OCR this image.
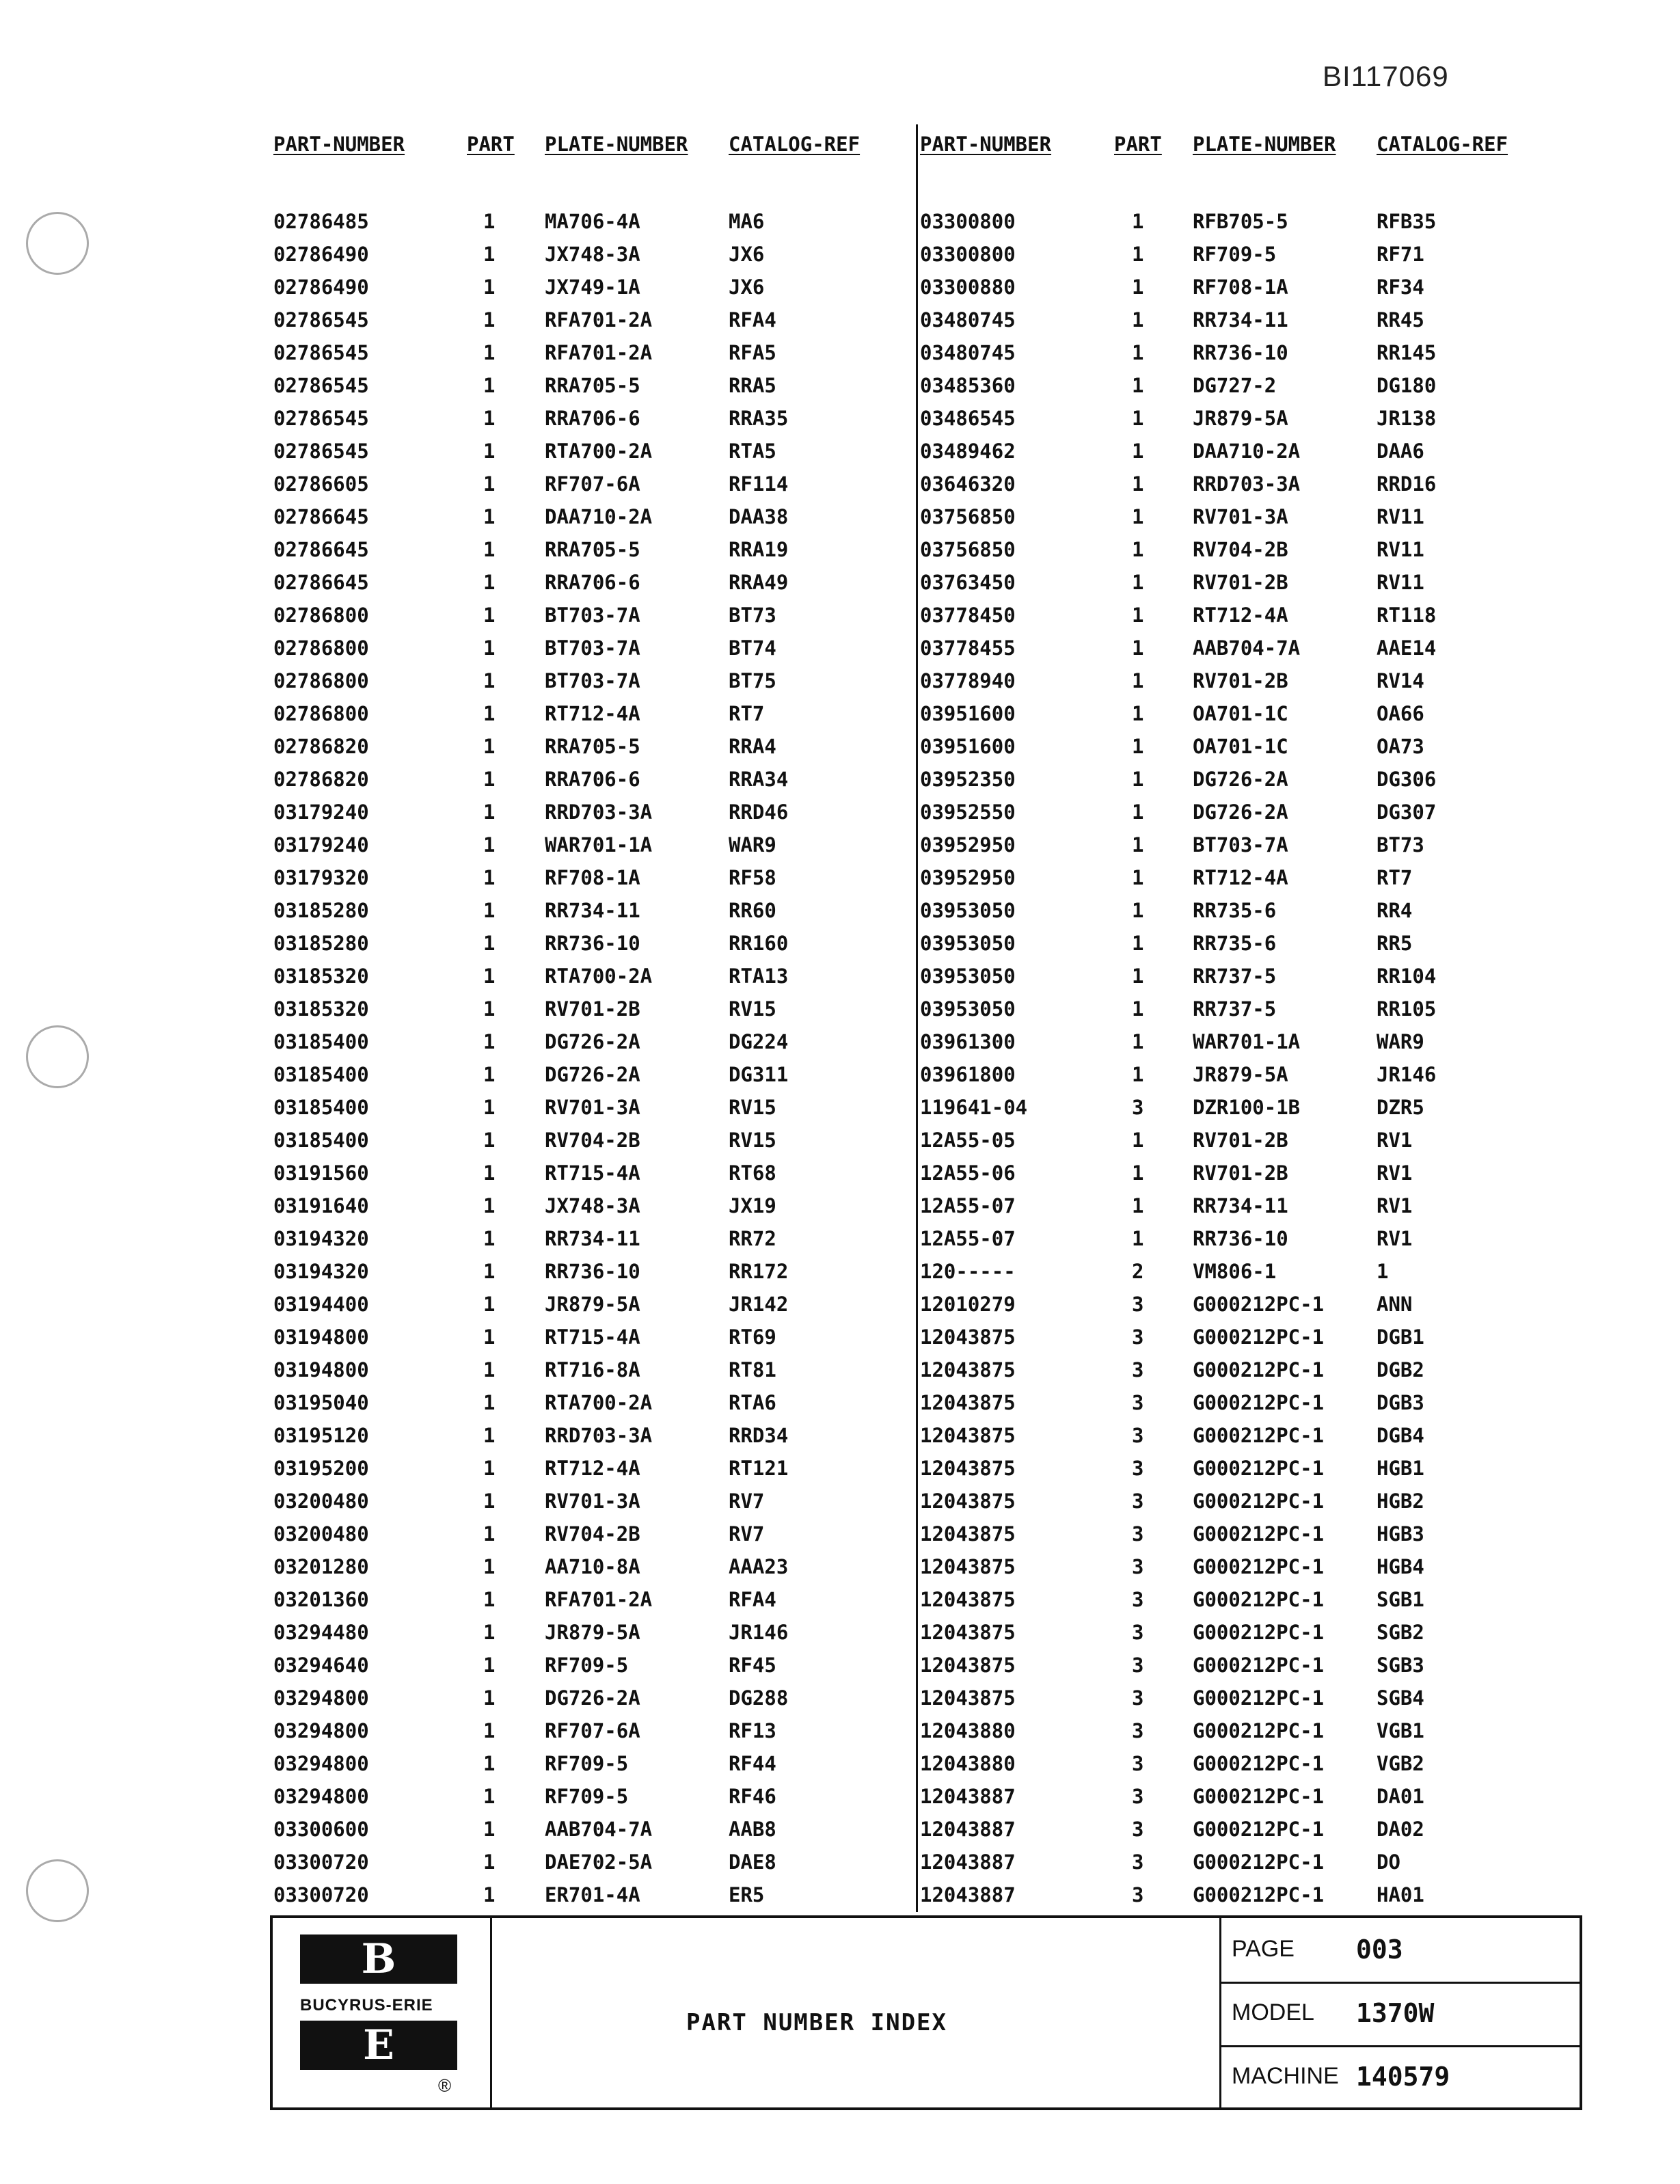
BI117069
PART-NUMBER	PART PLATE-NUMBER CATALOG-REF	PART-NUMBER	PART PLATE-NUMBER CATALOG-REF
02786485	1	MA706-4A	MA6	03300800	1 RFB705-5	RFB35
02786490	1	JX748-3A	JX6	03300800	1 RF709-5	RF71
02786490	1	JX749-1A	JX6	03300880	1 RF708-1A	RF34
02786545	1	RFA701-2A	RFA4	03480745	1 RR734-11	RR45
02786545	1	RFA701-2A	RFA5	03480745	1 RR736-10	RR145
02786545	1	RRA705-5	RRA5	03485360	1 DG727-2	DG180
02786545	1	RRA706-6	RRA35	03486545	1 JR879-5A	JR138
02786545	1	RTA700-2A	RTA5	03489462	1 DAA710-2A	DAA6
02786605	1	RF707-6A	RF114	03646320	1 RRD703-3A	RRD16
02786645	1	DAA710-2A	DAA38	03756850	1 RV701-3A	RV11
02786645	1	RRA705-5	RRA19	03756850	1 RV704-2B	RV11
02786645	1	RRA706-6	RRA49	03763450	1 RV701-2B	RV11
02786800	1	BT703-7A	BT73	03778450	1 RT712-4A	RT118
02786800	1	BT703-7A	BT74	03778455	1 AAB704-7A	AAE14
02786800	1	BT703-7A	BT75	03778940	1 RV701-2B	RV14
02786800	1	RT712-4A	RT7	03951600	1 OA701-1C	OA66
02786820	1	RRA705-5	RRA4	03951600	1 OA701-1C	OA73
02786820	1	RRA706-6	RRA34	03952350	1 DG726-2A	DG306
03179240	1	RRD703-3A	RRD46	03952550	1 DG726-2A	DG307
03179240	1	WAR701-1A	WAR9	03952950	1 BT703-7A	BT73
03179320	1	RF708-1A	RF58	03952950	1 RT712-4A	RT7
03185280	1	RR734-11	RR60	03953050	1 RR735-6	RR4
03185280	1	RR736-10	RR160	03953050	1 RR735-6	RR5
03185320	1	RTA700-2A	RTA13	03953050	1 RR737-5	RR104
03185320	1	RV701-2B	RV15	03953050	1 RR737-5	RR105
03185400	1	DG726-2A	DG224	03961300	1 WAR701-1A	WAR9
03185400	1	DG726-2A	DG311	03961800	1 JR879-5A	JR146
03185400	1	RV701-3A	RV15	119641-04	3 DZR100-1B	DZR5
03185400	1	RV704-2B	RV15	12A55-05	1 RV701-2B	RV1
03191560	1	RT715-4A	RT68	12A55-06	1 RV701-2B	RV1
03191640	1	JX748-3A	JX19	12A55-07	1 RR734-11	RV1
03194320	1	RR734-11	RR72	12A55-07	1 RR736-10	RV1
03194320	1	RR736-10	RR172	120-----	2 VM806-1	1
03194400	1	JR879-5A	JR142	12010279	3 G000212PC-1	ANN
03194800	1	RT715-4A	RT69	12043875	3 G000212PC-1	DGB1
03194800	1	RT716-8A	RT81	12043875	3 G000212PC-1	DGB2
03195040	1	RTA700-2A	RTA6	12043875	3 G000212PC-1	DGB3
03195120	1	RRD703-3A	RRD34	12043875	3 G000212PC-1	DGB4
03195200	1	RT712-4A	RT121	12043875	3 G000212PC-1	HGB1
03200480	1	RV701-3A	RV7	12043875	3 G000212PC-1	HGB2
03200480	1	RV704-2B	RV7	12043875	3 G000212PC-1	HGB3
03201280	1	AA710-8A	AAA23	12043875	3 G000212PC-1	HGB4
03201360	1	RFA701-2A	RFA4	12043875	3 G000212PC-1	SGB1
03294480	1	JR879-5A	JR146	12043875	3 G000212PC-1	SGB2
03294640	1	RF709-5	RF45	12043875	3 G000212PC-1	SGB3
03294800	1	DG726-2A	DG288	12043875	3 G000212PC-1	SGB4
03294800	1	RF707-6A	RF13	12043880	3 G000212PC-1	VGB1
03294800	1	RF709-5	RF44	12043880	3 G000212PC-1	VGB2
03294800	1	RF709-5	RF46	12043887	3 G000212PC-1	DA01
03300600	1	AAB704-7A	AAB8	12043887	3 G000212PC-1	DA02
03300720	1	DAE702-5A	DAE8	12043887	3 G000212PC-1	DO
03300720	1	ER701-4A	ER5	12043887	3 G000212PC-1	HA01
B
BUCYRUS-ERIE
E
®
PART NUMBER INDEX
PAGE 003
MODEL 1370W
MACHINE 140579
